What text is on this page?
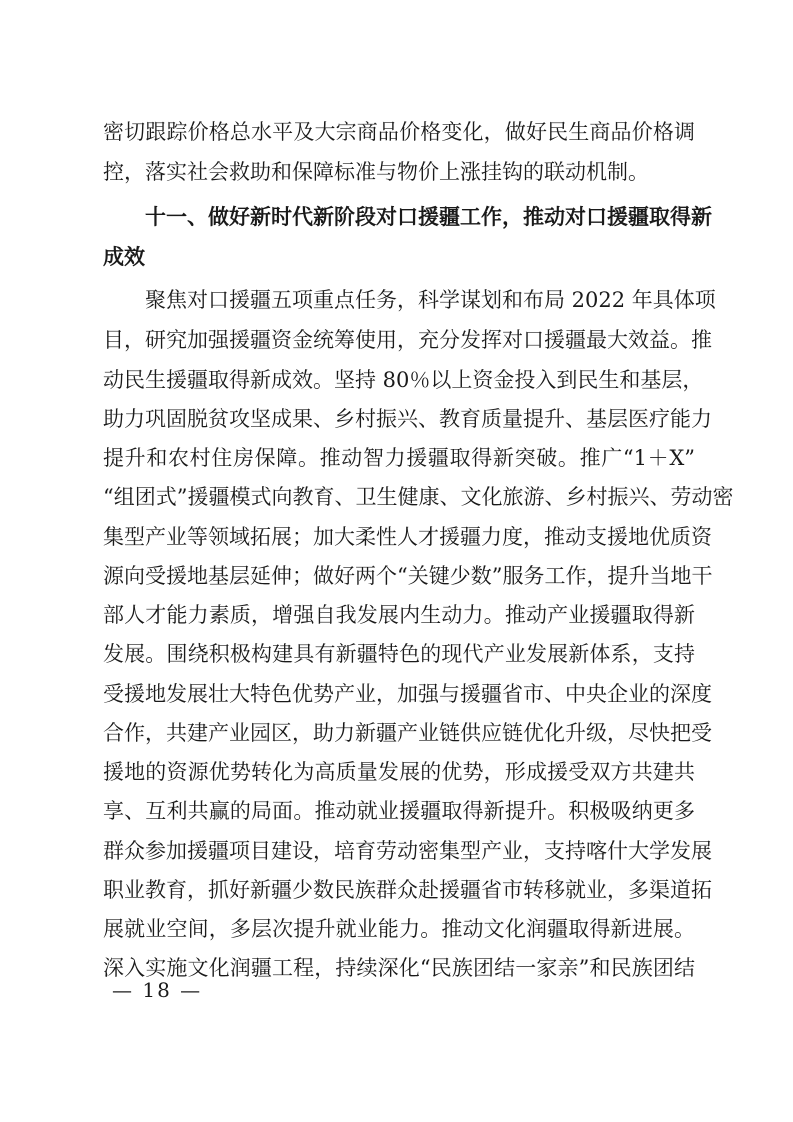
密切跟踪价格总水平及大宗商品价格变化，做好民生商品价格调
控，落实社会救助和保障标准与物价上涨挂钩的联动机制。
十一、做好新时代新阶段对口援疆工作，推动对口援疆取得新
成效
聚焦对口援疆五项重点任务，科学谋划和布局 2022 年具体项
目，研究加强援疆资金统筹使用，充分发挥对口援疆最大效益。推
动民生援疆取得新成效。坚持 80％以上资金投入到民生和基层，
助力巩固脱贫攻坚成果、乡村振兴、教育质量提升、基层医疗能力
提升和农村住房保障。推动智力援疆取得新突破。推广“1＋X”
“组团式”援疆模式向教育、卫生健康、文化旅游、乡村振兴、劳动密
集型产业等领域拓展；加大柔性人才援疆力度，推动支援地优质资
源向受援地基层延伸；做好两个“关键少数”服务工作，提升当地干
部人才能力素质，增强自我发展内生动力。推动产业援疆取得新
发展。围绕积极构建具有新疆特色的现代产业发展新体系，支持
受援地发展壮大特色优势产业，加强与援疆省市、中央企业的深度
合作，共建产业园区，助力新疆产业链供应链优化升级，尽快把受
援地的资源优势转化为高质量发展的优势，形成援受双方共建共
享、互利共赢的局面。推动就业援疆取得新提升。积极吸纳更多
群众参加援疆项目建设，培育劳动密集型产业，支持喀什大学发展
职业教育，抓好新疆少数民族群众赴援疆省市转移就业，多渠道拓
展就业空间，多层次提升就业能力。推动文化润疆取得新进展。
深入实施文化润疆工程，持续深化“民族团结一家亲”和民族团结
— 18 —
